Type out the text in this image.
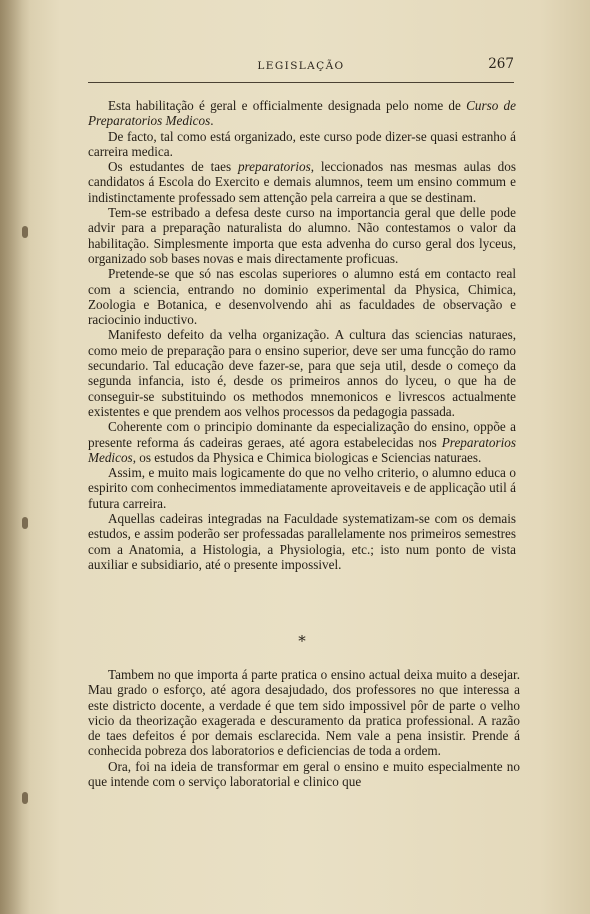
LEGISLAÇÃO	267

Esta habilitação é geral e officialmente designada pelo nome de Curso de Preparatorios Medicos.

De facto, tal como está organizado, este curso pode dizer-se quasi estranho á carreira medica.

Os estudantes de taes preparatorios, leccionados nas mesmas aulas dos candidatos á Escola do Exercito e demais alumnos, teem um ensino commum e indistinctamente professado sem attenção pela carreira a que se destinam.

Tem-se estribado a defesa deste curso na importancia geral que delle pode advir para a preparação naturalista do alumno. Não contestamos o valor da habilitação. Simplesmente importa que esta advenha do curso geral dos lyceus, organizado sob bases novas e mais directamente proficuas.

Pretende-se que só nas escolas superiores o alumno está em contacto real com a sciencia, entrando no dominio experimental da Physica, Chimica, Zoologia e Botanica, e desenvolvendo ahi as faculdades de observação e raciocinio inductivo.

Manifesto defeito da velha organização. A cultura das sciencias naturaes, como meio de preparação para o ensino superior, deve ser uma funcção do ramo secundario. Tal educação deve fazer-se, para que seja util, desde o começo da segunda infancia, isto é, desde os primeiros annos do lyceu, o que ha de conseguir-se substituindo os methodos mnemonicos e livrescos actualmente existentes e que prendem aos velhos processos da pedagogia passada.

Coherente com o principio dominante da especialização do ensino, oppõe a presente reforma ás cadeiras geraes, até agora estabelecidas nos Preparatorios Medicos, os estudos da Physica e Chimica biologicas e Sciencias naturaes.

Assim, e muito mais logicamente do que no velho criterio, o alumno educa o espirito com conhecimentos immediatamente aproveitaveis e de applicação util á futura carreira.

Aquellas cadeiras integradas na Faculdade systematizam-se com os demais estudos, e assim poderão ser professadas parallelamente nos primeiros semestres com a Anatomia, a Histologia, a Physiologia, etc.; isto num ponto de vista auxiliar e subsidiario, até o presente impossivel.

*

Tambem no que importa á parte pratica o ensino actual deixa muito a desejar. Mau grado o esforço, até agora desajudado, dos professores no que interessa a este districto docente, a verdade é que tem sido impossivel pôr de parte o velho vicio da theorização exagerada e descuramento da pratica professional. A razão de taes defeitos é por demais esclarecida. Nem vale a pena insistir. Prende á conhecida pobreza dos laboratorios e deficiencias de toda a ordem.

Ora, foi na ideia de transformar em geral o ensino e muito especialmente no que intende com o serviço laboratorial e clinico que
